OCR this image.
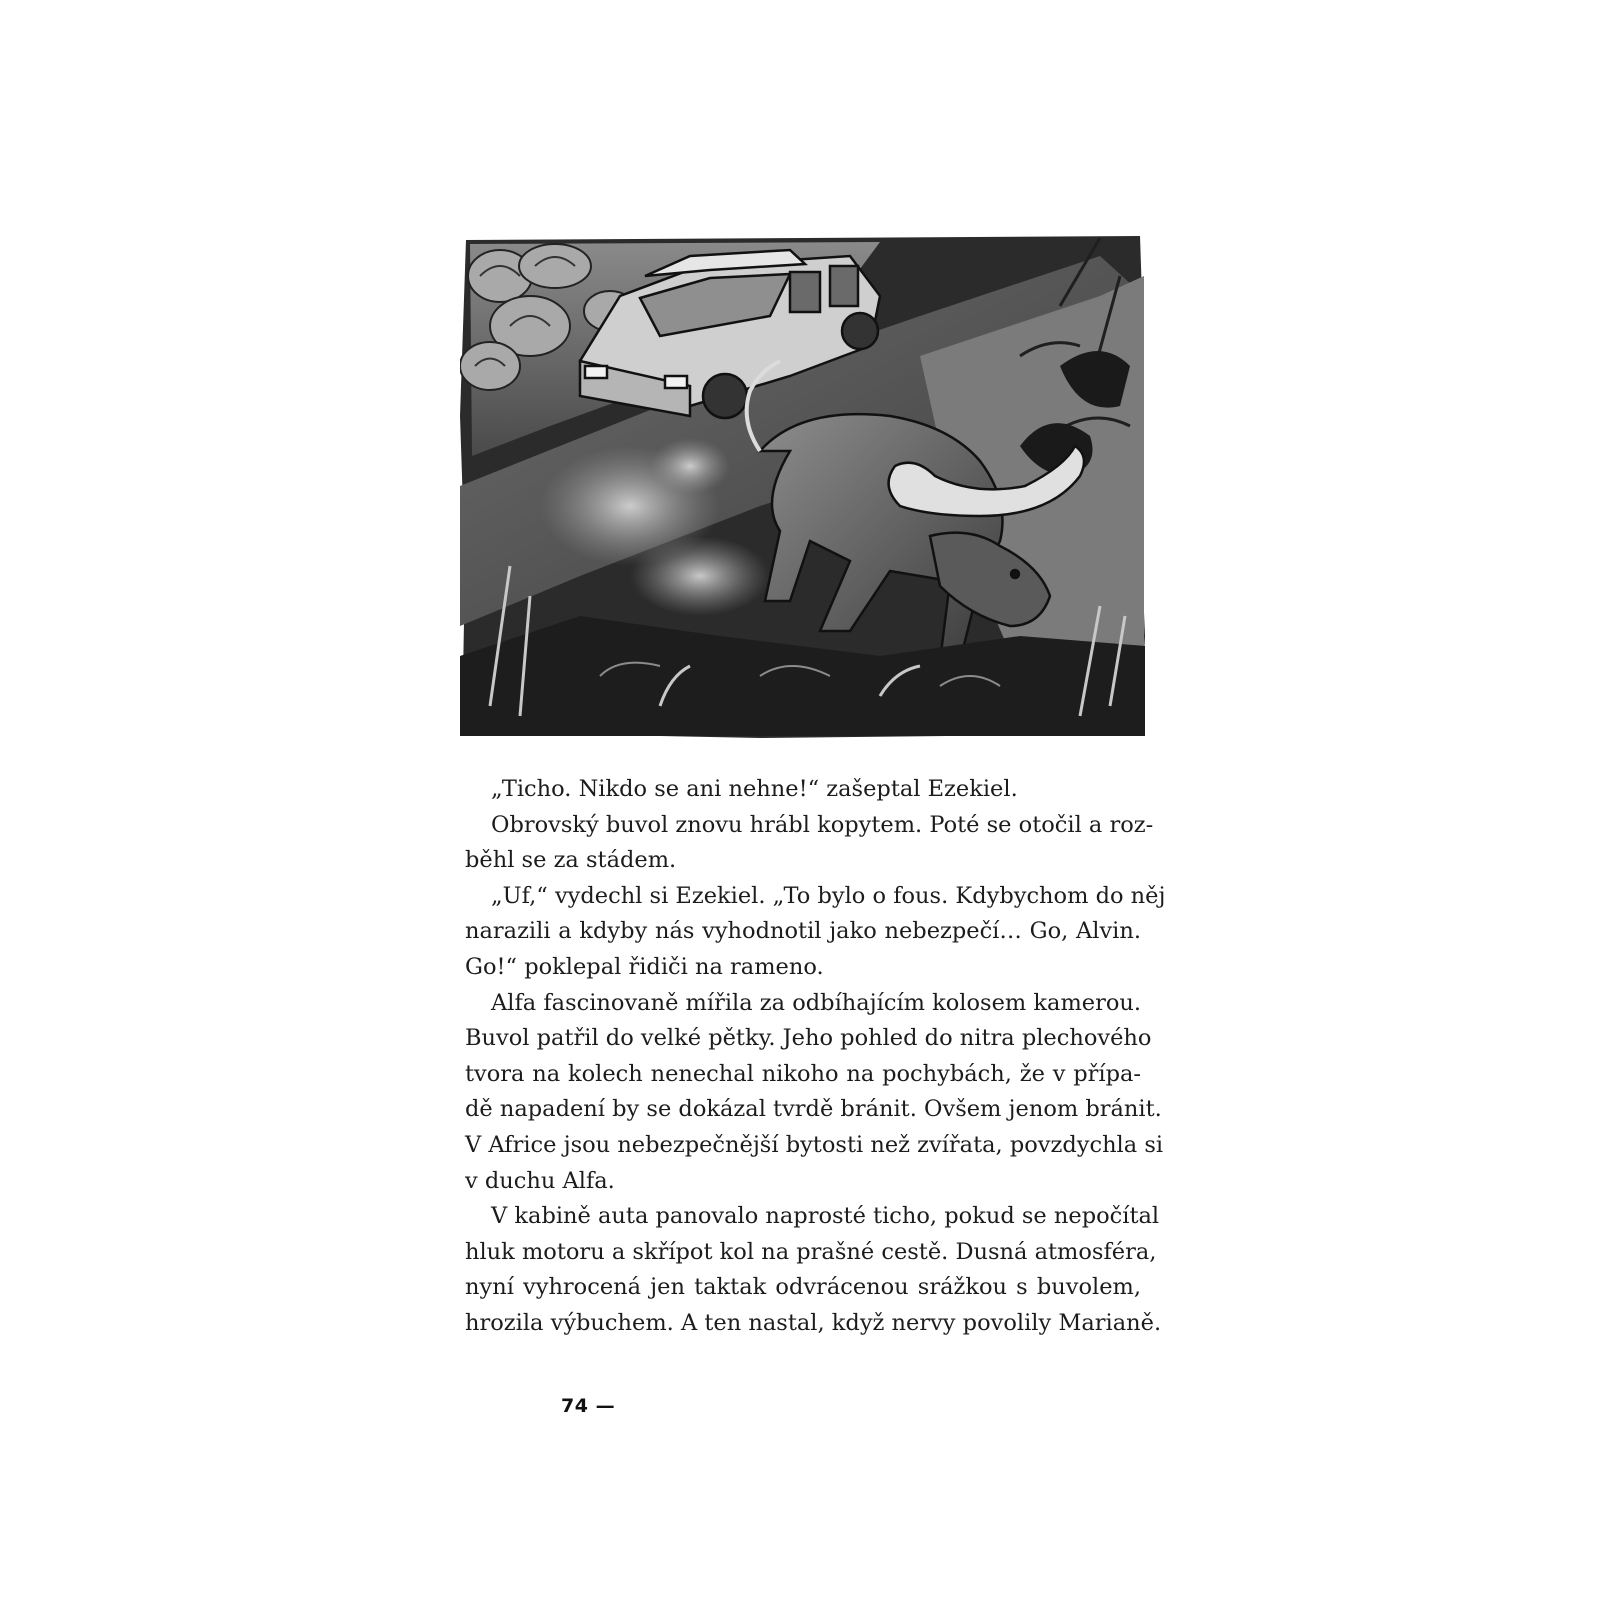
„Ticho. Nikdo se ani nehne!“ zašeptal Ezekiel.

Obrovský buvol znovu hrábl kopytem. Poté se otočil a roz-
běhl se za stádem.

„Uf,“ vydechl si Ezekiel. „To bylo o fous. Kdybychom do něj
narazili a kdyby nás vyhodnotil jako nebezpečí… Go, Alvin.
Go!“ poklepal řidiči na rameno.

Alfa fascinovaně mířila za odbíhajícím kolosem kamerou.
Buvol patřil do velké pětky. Jeho pohled do nitra plechového
tvora na kolech nenechal nikoho na pochybách, že v přípa-
dě napadení by se dokázal tvrdě bránit. Ovšem jenom bránit.
V Africe jsou nebezpečnější bytosti než zvířata, povzdychla si
v duchu Alfa.

V kabině auta panovalo naprosté ticho, pokud se nepočítal
hluk motoru a skřípot kol na prašné cestě. Dusná atmosféra,
nyní vyhrocená jen taktak odvrácenou srážkou s buvolem,
hrozila výbuchem. A ten nastal, když nervy povolily Marianě.

74 —
